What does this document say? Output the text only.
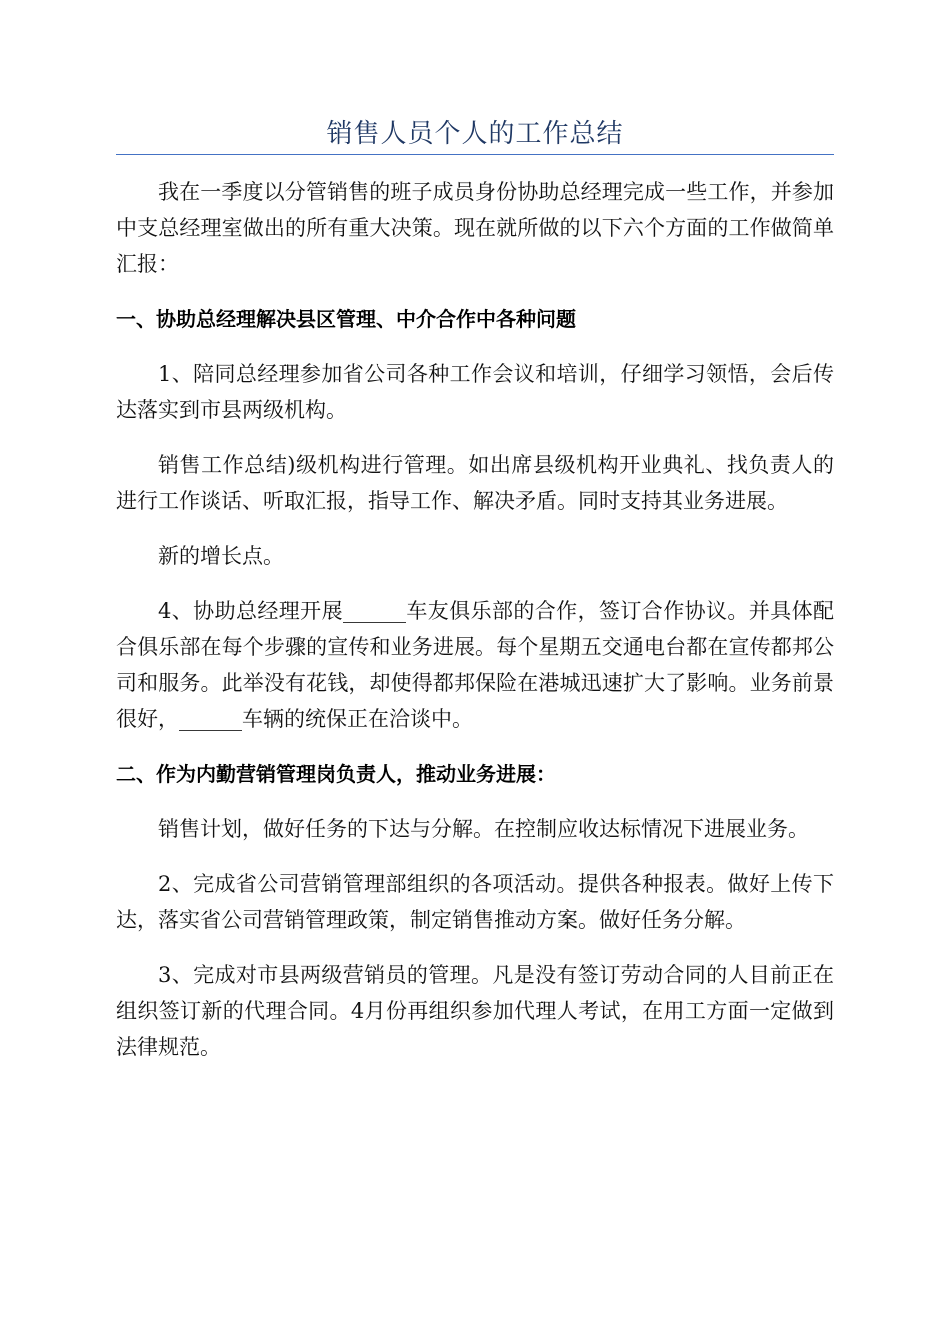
销售人员个人的工作总结

我在一季度以分管销售的班子成员身份协助总经理完成一些工作，并参加中支总经理室做出的所有重大决策。现在就所做的以下六个方面的工作做简单汇报：

一、协助总经理解决县区管理、中介合作中各种问题

1、陪同总经理参加省公司各种工作会议和培训，仔细学习领悟，会后传达落实到市县两级机构。

销售工作总结)级机构进行管理。如出席县级机构开业典礼、找负责人的进行工作谈话、听取汇报，指导工作、解决矛盾。同时支持其业务进展。

新的增长点。

4、协助总经理开展______车友俱乐部的合作，签订合作协议。并具体配合俱乐部在每个步骤的宣传和业务进展。每个星期五交通电台都在宣传都邦公司和服务。此举没有花钱，却使得都邦保险在港城迅速扩大了影响。业务前景很好，______车辆的统保正在洽谈中。

二、作为内勤营销管理岗负责人，推动业务进展：

销售计划，做好任务的下达与分解。在控制应收达标情况下进展业务。

2、完成省公司营销管理部组织的各项活动。提供各种报表。做好上传下达，落实省公司营销管理政策，制定销售推动方案。做好任务分解。

3、完成对市县两级营销员的管理。凡是没有签订劳动合同的人目前正在组织签订新的代理合同。4月份再组织参加代理人考试，在用工方面一定做到法律规范。
